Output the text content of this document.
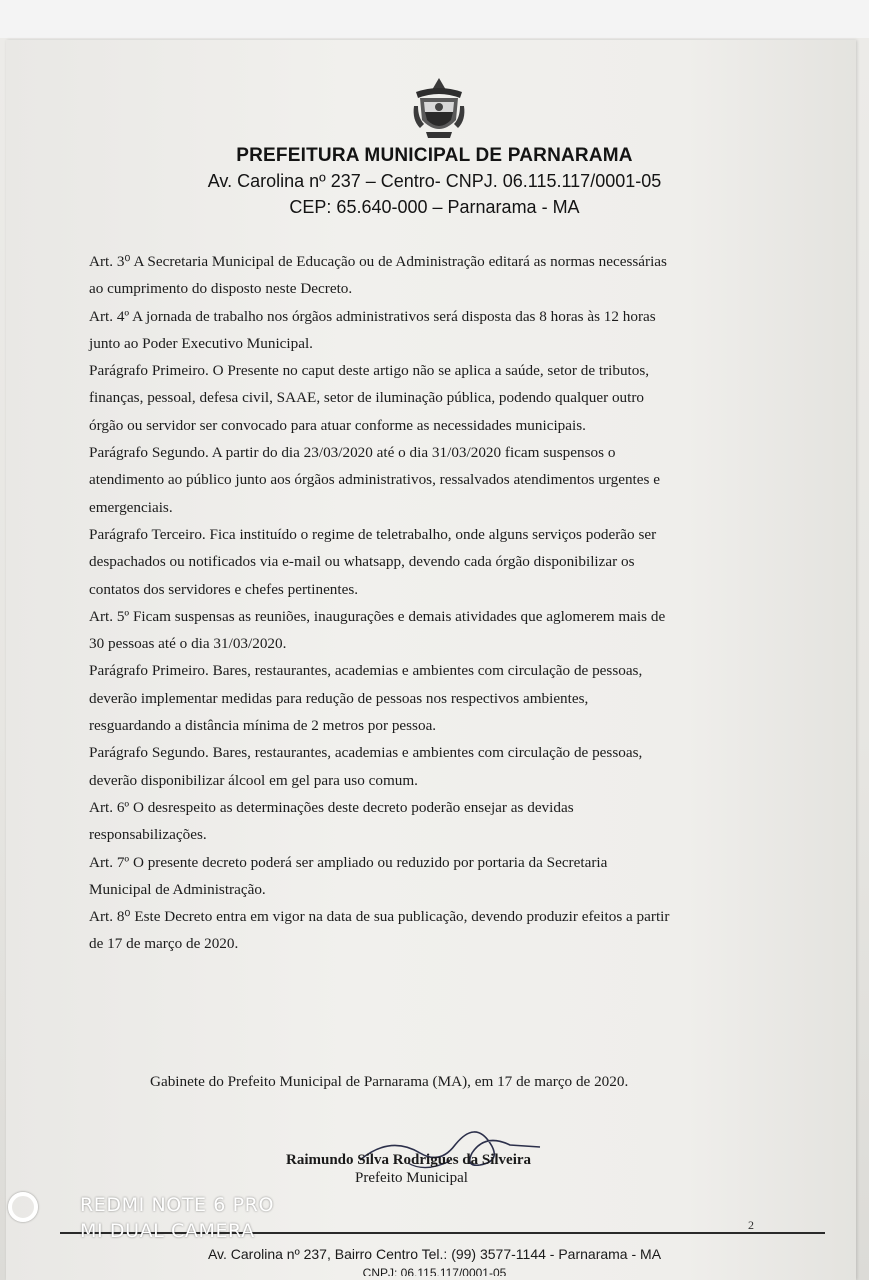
PREFEITURA MUNICIPAL DE PARNARAMA
Av. Carolina nº 237 – Centro- CNPJ. 06.115.117/0001-05
CEP: 65.640-000 – Parnarama - MA
Art. 3⁰ A Secretaria Municipal de Educação ou de Administração editará as normas necessárias
ao cumprimento do disposto neste Decreto.
Art. 4º A jornada de trabalho nos órgãos administrativos será disposta das 8 horas às 12 horas
junto ao Poder Executivo Municipal.
Parágrafo Primeiro. O Presente no caput deste artigo não se aplica a saúde, setor de tributos,
finanças, pessoal, defesa civil, SAAE, setor de iluminação pública, podendo qualquer outro
órgão ou servidor ser convocado para atuar conforme as necessidades municipais.
Parágrafo Segundo. A partir do dia 23/03/2020 até o dia 31/03/2020 ficam suspensos o
atendimento ao público junto aos órgãos administrativos, ressalvados atendimentos urgentes e
emergenciais.
Parágrafo Terceiro. Fica instituído o regime de teletrabalho, onde alguns serviços poderão ser
despachados ou notificados via e-mail ou whatsapp, devendo cada órgão disponibilizar os
contatos dos servidores e chefes pertinentes.
Art. 5º Ficam suspensas as reuniões, inaugurações e demais atividades que aglomerem mais de
30 pessoas até o dia 31/03/2020.
Parágrafo Primeiro. Bares, restaurantes, academias e ambientes com circulação de pessoas,
deverão implementar medidas para redução de pessoas nos respectivos ambientes,
resguardando a distância mínima de 2 metros por pessoa.
Parágrafo Segundo. Bares, restaurantes, academias e ambientes com circulação de pessoas,
deverão disponibilizar álcool em gel para uso comum.
Art. 6º O desrespeito as determinações deste decreto poderão ensejar as devidas
responsabilizações.
Art. 7º O presente decreto poderá ser ampliado ou reduzido por portaria da Secretaria
Municipal de Administração.
Art. 8⁰ Este Decreto entra em vigor na data de sua publicação, devendo produzir efeitos a partir
de 17 de março de 2020.
Gabinete do Prefeito Municipal de Parnarama (MA), em 17 de março de 2020.
Raimundo Silva Rodrigues da Silveira
Prefeito Municipal
2
Av. Carolina nº 237, Bairro Centro Tel.: (99) 3577-1144 - Parnarama - MA
CNPJ: 06.115.117/0001-05
REDMI NOTE 6 PRO
MI DUAL CAMERA
